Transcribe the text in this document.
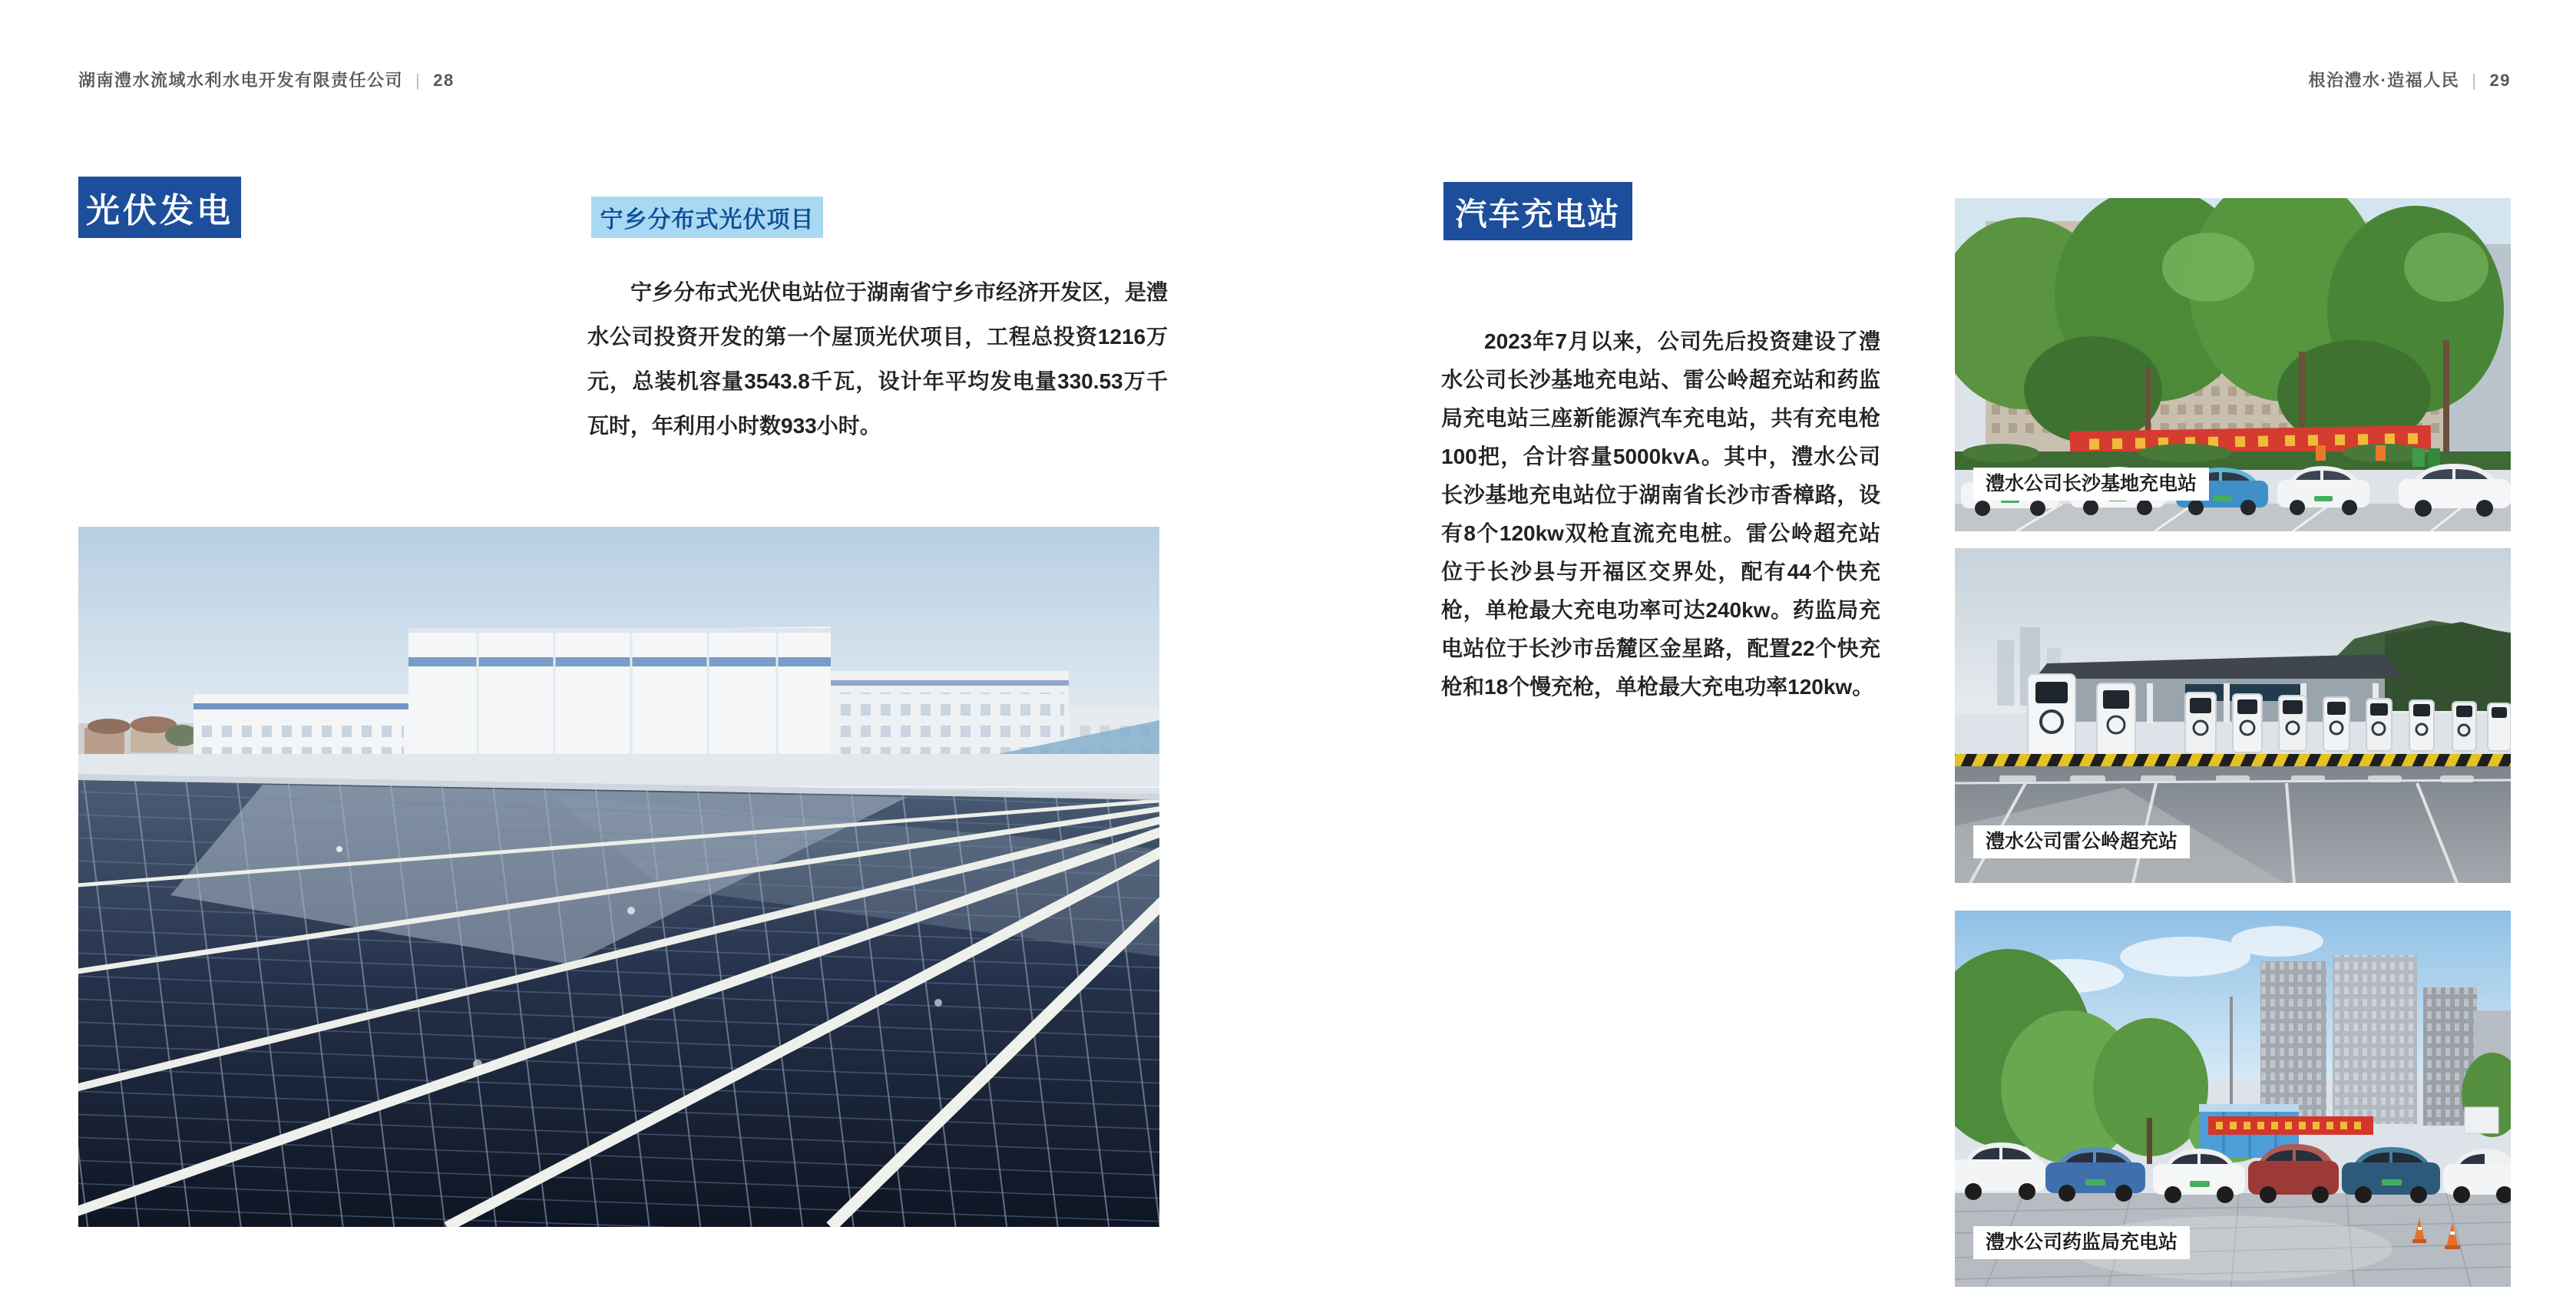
湖南澧水流域水利水电开发有限责任公司 | 28	根治澧水·造福人民 | 29
光伏发电	宁乡分布式光伏项目
宁乡分布式光伏电站位于湖南省宁乡市经济开发区，是澧水公司投资开发的第一个屋顶光伏项目，工程总投资1216万元，总装机容量3543.8千瓦，设计年平均发电量330.53万千瓦时，年利用小时数933小时。
汽车充电站
2023年7月以来，公司先后投资建设了澧水公司长沙基地充电站、雷公岭超充站和药监局充电站三座新能源汽车充电站，共有充电枪100把，合计容量5000kvA。其中，澧水公司长沙基地充电站位于湖南省长沙市香樟路，设有8个120kw双枪直流充电桩。雷公岭超充站位于长沙县与开福区交界处，配有44个快充枪，单枪最大充电功率可达240kw。药监局充电站位于长沙市岳麓区金星路，配置22个快充枪和18个慢充枪，单枪最大充电功率120kw。
澧水公司长沙基地充电站
澧水公司雷公岭超充站
澧水公司药监局充电站
